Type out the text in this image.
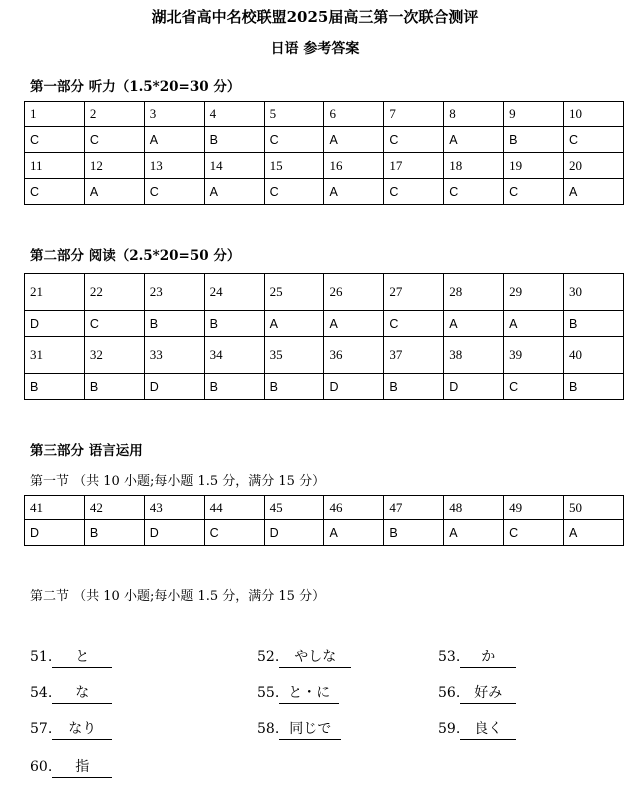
湖北省高中名校联盟2025届高三第一次联合测评
日语 参考答案
第一部分 听力（1.5*20=30 分）
1	2	3	4	5	6	7	8	9	10
C	C	A	B	C	A	C	A	B	C
11	12	13	14	15	16	17	18	19	20
C	A	C	A	C	A	C	C	C	A
第二部分 阅读（2.5*20=50 分）
21	22	23	24	25	26	27	28	29	30
D	C	B	B	A	A	C	A	A	B
31	32	33	34	35	36	37	38	39	40
B	B	D	B	B	D	B	D	C	B
第三部分 语言运用
第一节 （共 10 小题;每小题 1.5 分，满分 15 分）
41	42	43	44	45	46	47	48	49	50
D	B	D	C	D	A	B	A	C	A
第二节 （共 10 小题;每小题 1.5 分，满分 15 分）
51. と	52. やしな	53. か
54. な	55. と・に	56. 好み
57. なり	58. 同じで	59. 良く
60. 指
